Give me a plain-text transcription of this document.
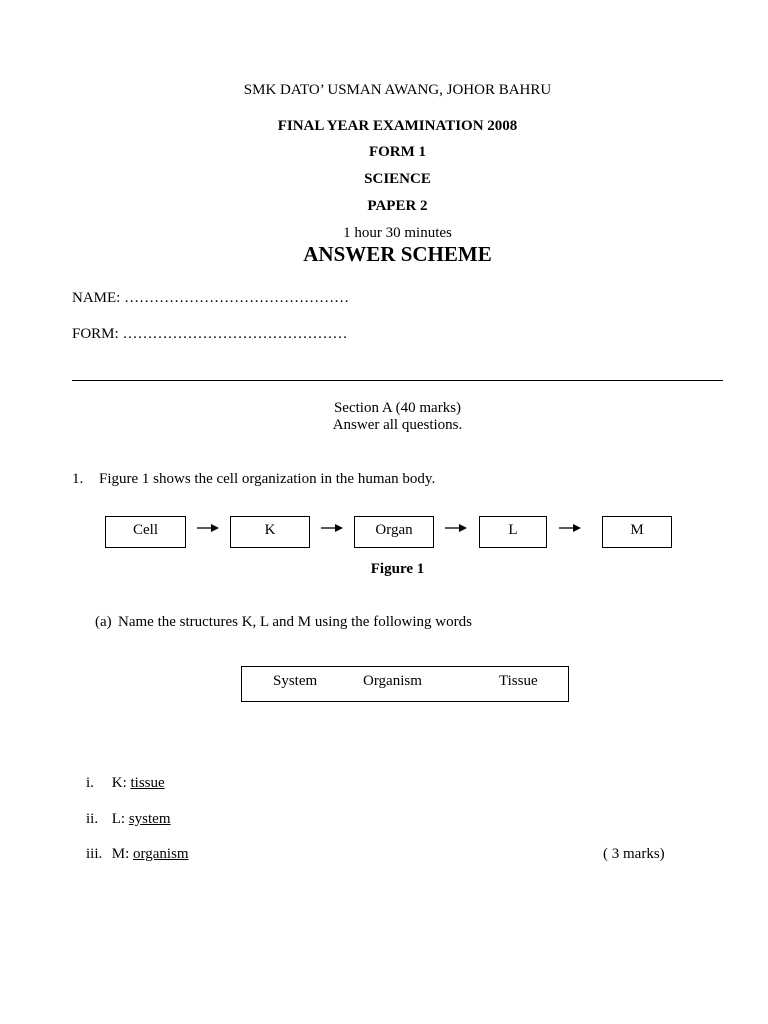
SMK DATO’ USMAN AWANG, JOHOR BAHRU
FINAL YEAR EXAMINATION 2008
FORM 1
SCIENCE
PAPER 2
1 hour 30 minutes
ANSWER SCHEME
NAME: ………………………………………
FORM: ………………………………………
Section A (40 marks)
Answer all questions.
1. Figure 1 shows the cell organization in the human body.
Cell	K	Organ	L	M
Figure 1
(a) Name the structures K, L and M using the following words
System	Organism	Tissue
i. K: tissue
ii. L: system
iii. M: organism	( 3 marks)
